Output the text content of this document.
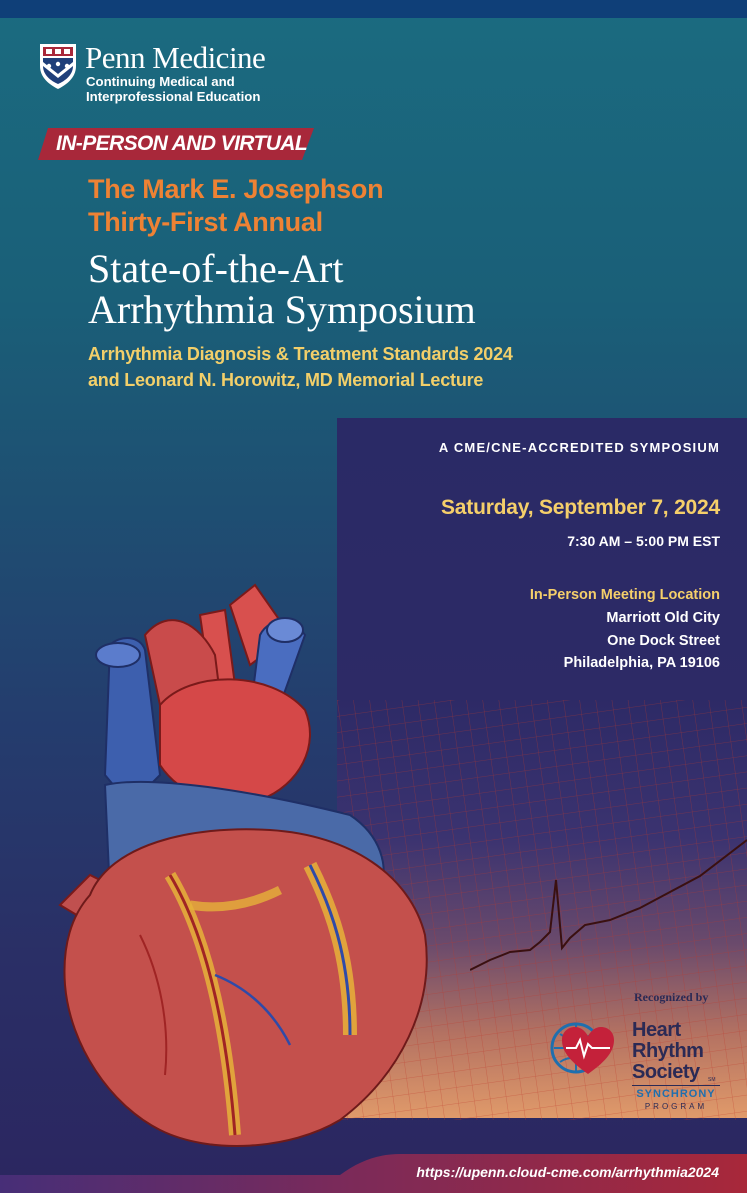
Penn Medicine
Continuing Medical and
Interprofessional Education
IN-PERSON AND VIRTUAL
The Mark E. Josephson
Thirty-First Annual
State-of-the-Art
Arrhythmia Symposium
Arrhythmia Diagnosis & Treatment Standards 2024
and Leonard N. Horowitz, MD Memorial Lecture
A CME/CNE-ACCREDITED SYMPOSIUM
Saturday, September 7, 2024
7:30 AM – 5:00 PM EST
In-Person Meeting Location
Marriott Old City
One Dock Street
Philadelphia, PA 19106
Recognized by
Heart
Rhythm
Society	SM
SYNCHRONY
PROGRAM
https://upenn.cloud-cme.com/arrhythmia2024
